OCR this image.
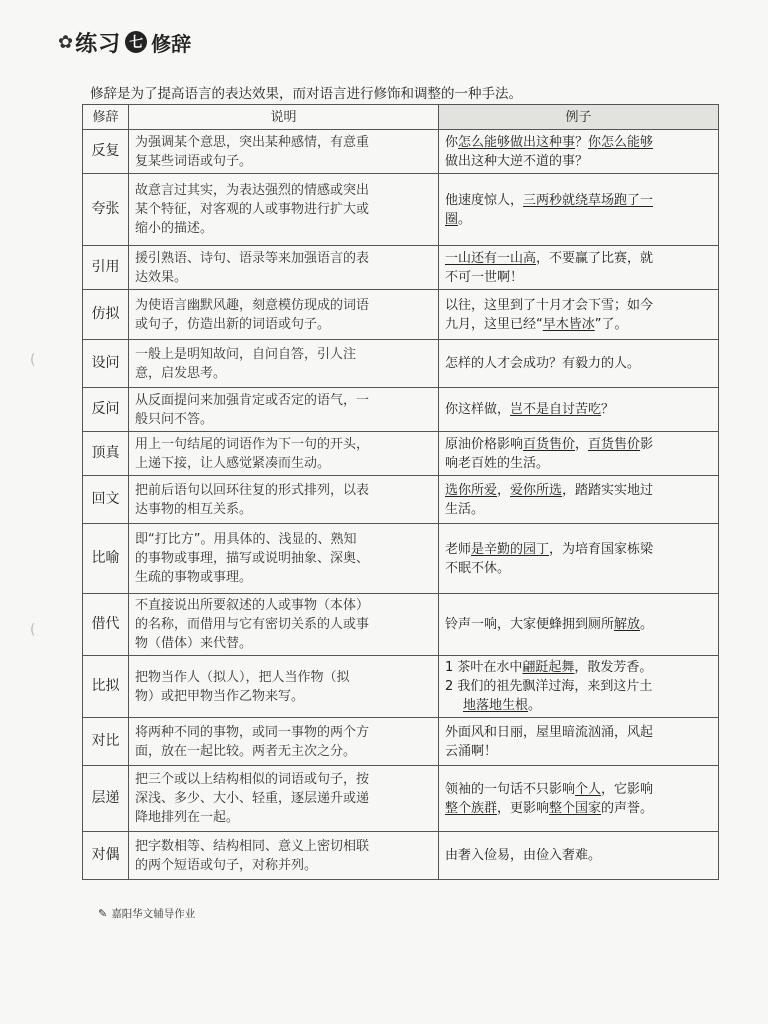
✿ 练习 七 修辞
修辞是为了提高语言的表达效果，而对语言进行修饰和调整的一种手法。
修辞	说明	例子
反复	为强调某个意思，突出某种感情，有意重
复某些词语或句子。	你怎么能够做出这种事？你怎么能够
做出这种大逆不道的事？

夸张	故意言过其实，为表达强烈的情感或突出
某个特征，对客观的人或事物进行扩大或
缩小的描述。	他速度惊人，三两秒就绕草场跑了一
圈。

引用	援引熟语、诗句、语录等来加强语言的表
达效果。	一山还有一山高，不要赢了比赛，就
不可一世啊！

仿拟	为使语言幽默风趣，刻意模仿现成的词语
或句子，仿造出新的词语或句子。	以往，这里到了十月才会下雪；如今
九月，这里已经“早木皆冰”了。

设问	一般上是明知故问，自问自答，引人注
意，启发思考。	怎样的人才会成功？有毅力的人。

反问	从反面提问来加强肯定或否定的语气，一
般只问不答。	你这样做，岂不是自讨苦吃？

顶真	用上一句结尾的词语作为下一句的开头，
上递下接，让人感觉紧凑而生动。	原油价格影响百货售价，百货售价影
响老百姓的生活。

回文	把前后语句以回环往复的形式排列，以表
达事物的相互关系。	选你所爱，爱你所选，踏踏实实地过
生活。

比喻	即“打比方”。用具体的、浅显的、熟知
的事物或事理，描写或说明抽象、深奥、
生疏的事物或事理。	老师是辛勤的园丁，为培育国家栋梁
不眠不休。

借代	不直接说出所要叙述的人或事物（本体）
的名称，而借用与它有密切关系的人或事
物（借体）来代替。	铃声一响，大家便蜂拥到厕所解放。

比拟	把物当作人（拟人），把人当作物（拟
物）或把甲物当作乙物来写。	1 茶叶在水中翩跹起舞，散发芳香。
2 我们的祖先飘洋过海，来到这片土
地落地生根。

对比	将两种不同的事物，或同一事物的两个方
面，放在一起比较。两者无主次之分。	外面风和日丽，屋里暗流汹涌，风起
云涌啊！

层递	把三个或以上结构相似的词语或句子，按
深浅、多少、大小、轻重，逐层递升或递
降地排列在一起。	领袖的一句话不只影响个人，它影响
整个族群，更影响整个国家的声誉。

对偶	把字数相等、结构相同、意义上密切相联
的两个短语或句子，对称并列。	由奢入俭易，由俭入奢难。
(
(
✎ 嘉阳华文辅导作业
